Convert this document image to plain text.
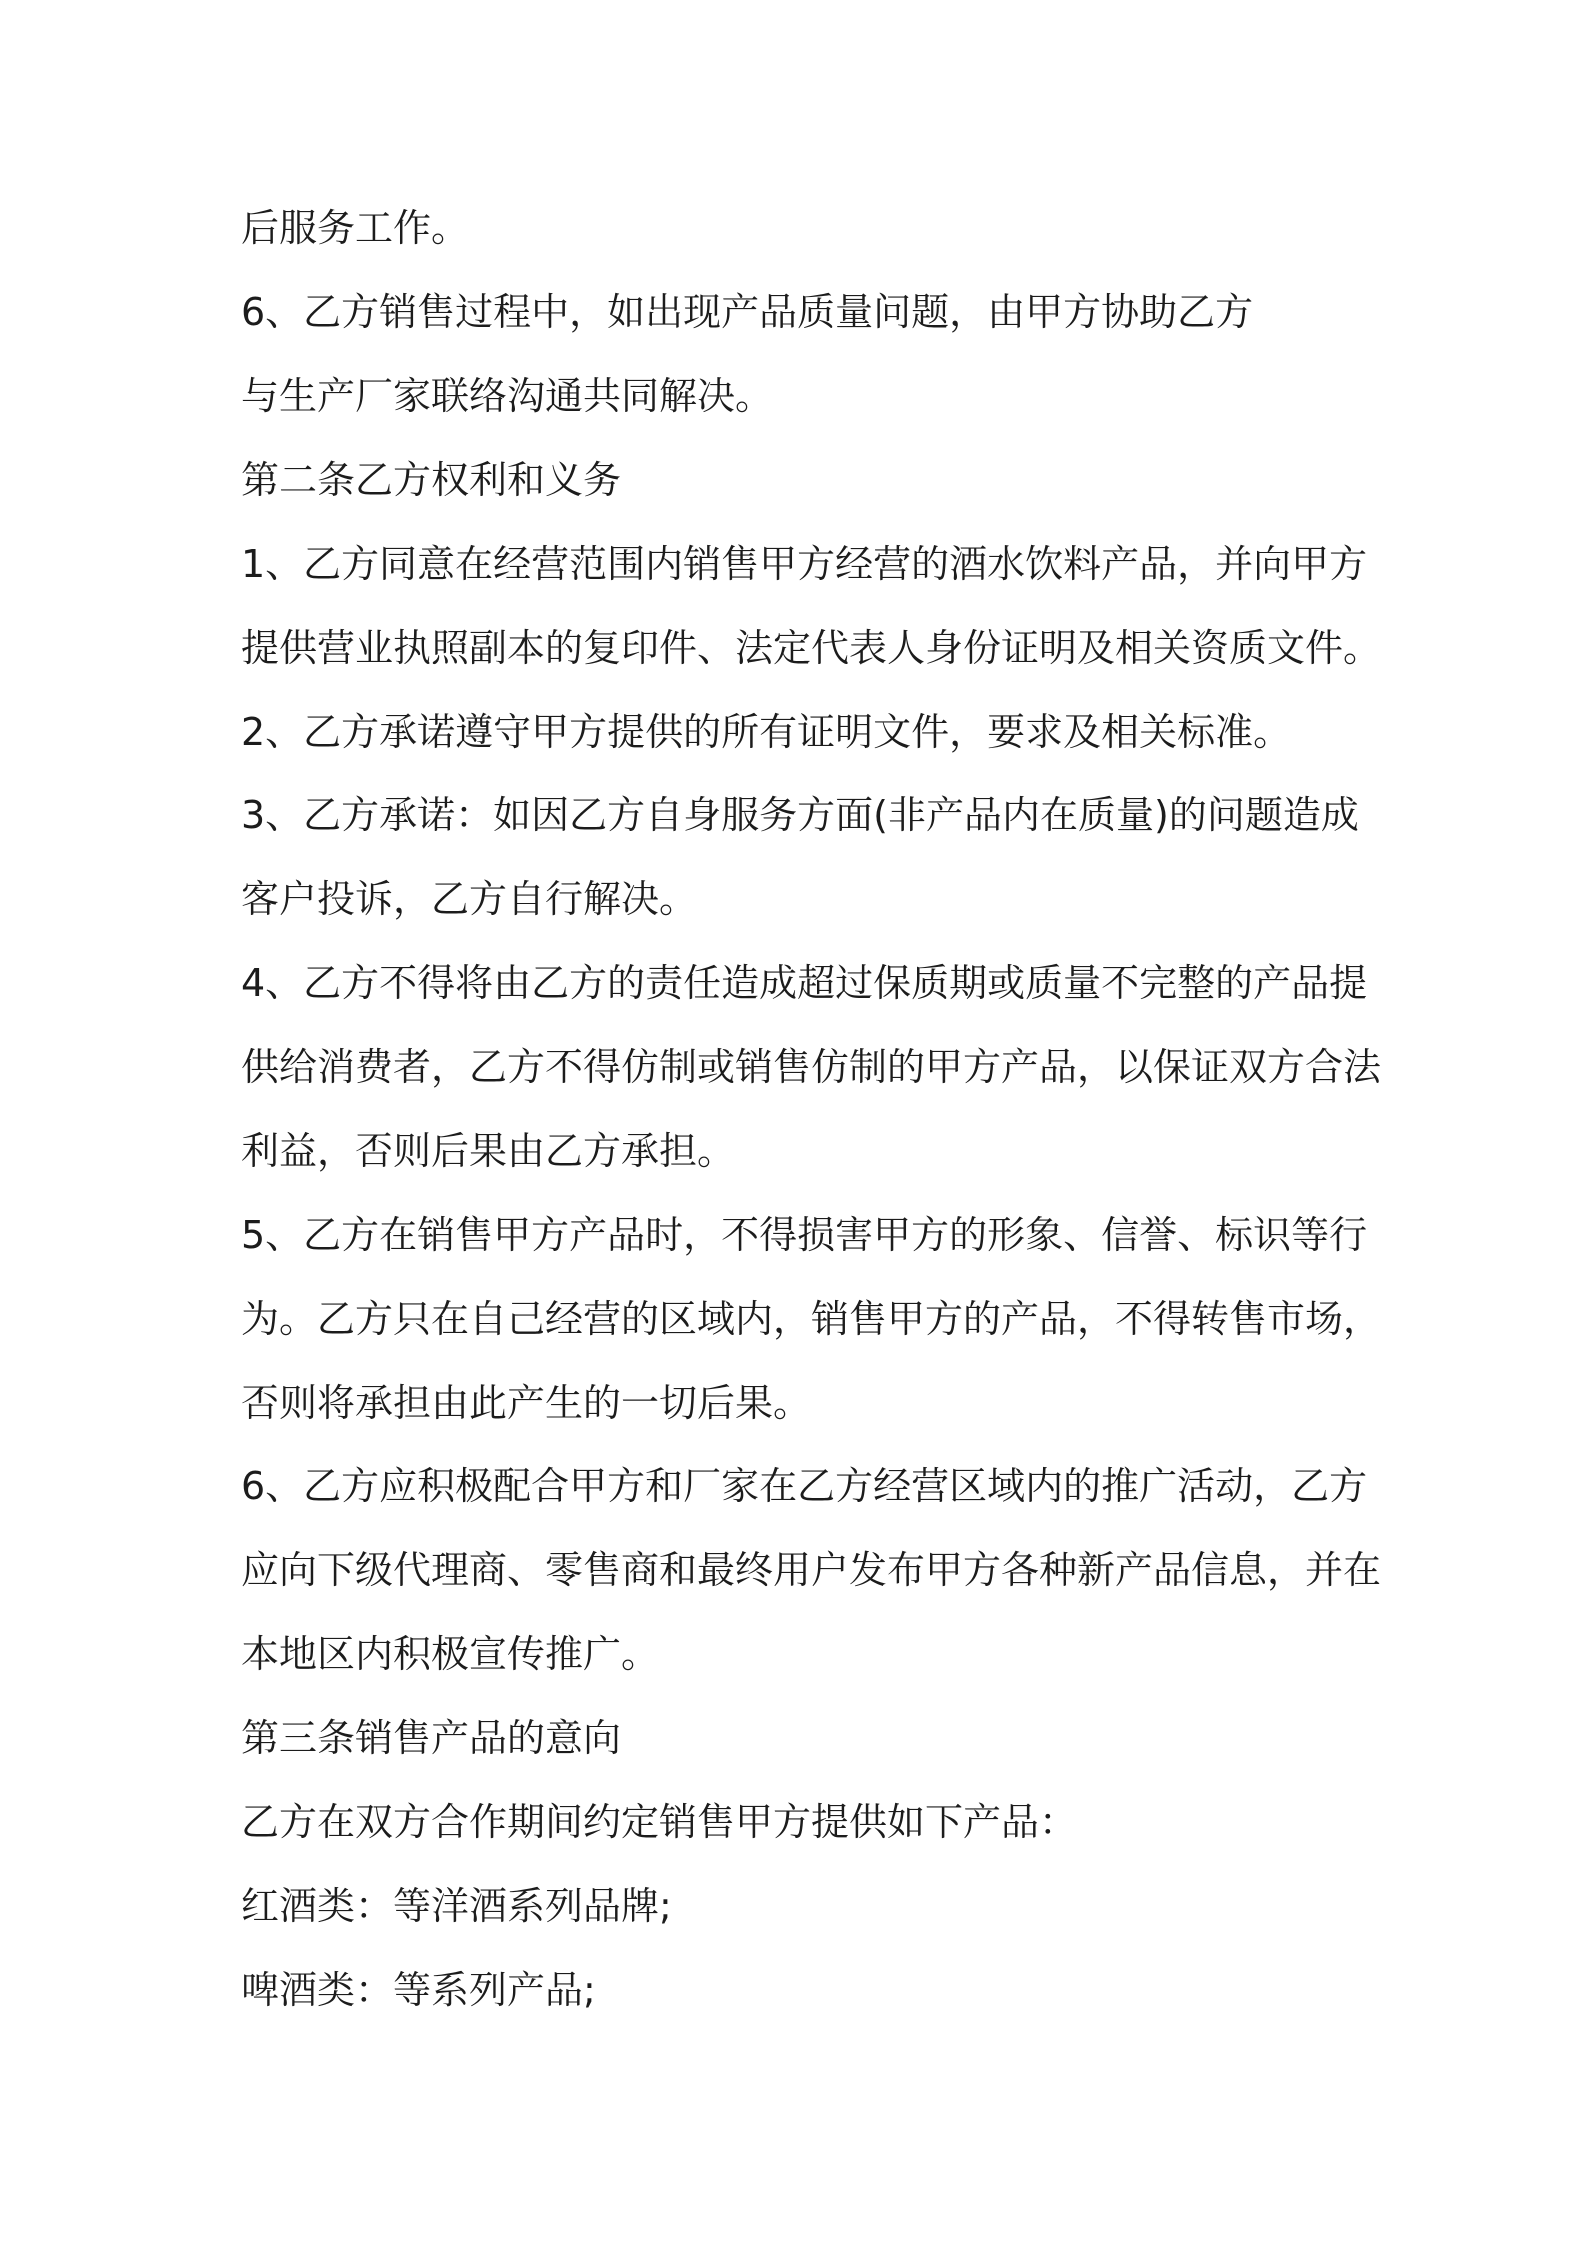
后服务工作。
6、乙方销售过程中，如出现产品质量问题，由甲方协助乙方
与生产厂家联络沟通共同解决。
第二条乙方权利和义务
1、乙方同意在经营范围内销售甲方经营的酒水饮料产品，并向甲方
提供营业执照副本的复印件、法定代表人身份证明及相关资质文件。
2、乙方承诺遵守甲方提供的所有证明文件，要求及相关标准。
3、乙方承诺：如因乙方自身服务方面(非产品内在质量)的问题造成
客户投诉，乙方自行解决。
4、乙方不得将由乙方的责任造成超过保质期或质量不完整的产品提
供给消费者，乙方不得仿制或销售仿制的甲方产品，以保证双方合法
利益，否则后果由乙方承担。
5、乙方在销售甲方产品时，不得损害甲方的形象、信誉、标识等行
为。乙方只在自己经营的区域内，销售甲方的产品，不得转售市场，
否则将承担由此产生的一切后果。
6、乙方应积极配合甲方和厂家在乙方经营区域内的推广活动，乙方
应向下级代理商、零售商和最终用户发布甲方各种新产品信息，并在
本地区内积极宣传推广。
第三条销售产品的意向
乙方在双方合作期间约定销售甲方提供如下产品：
红酒类：等洋酒系列品牌;
啤酒类：等系列产品;
